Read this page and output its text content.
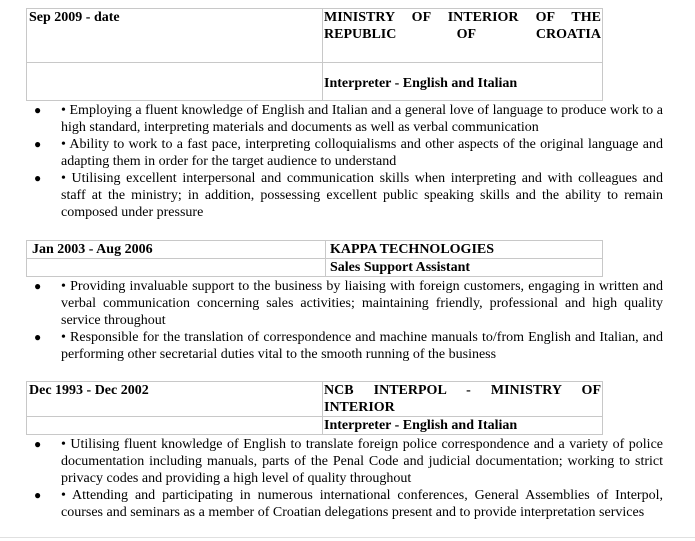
Sep 2009 - date	MINISTRY OF INTERIOR OF THE REPUBLIC OF CROATIA
	Interpreter - English and Italian
● • Employing a fluent knowledge of English and Italian and a general love of language to produce work to a high standard, interpreting materials and documents as well as verbal communication
● • Ability to work to a fast pace, interpreting colloquialisms and other aspects of the original language and adapting them in order for the target audience to understand
● • Utilising excellent interpersonal and communication skills when interpreting and with colleagues and staff at the ministry; in addition, possessing excellent public speaking skills and the ability to remain composed under pressure
Jan 2003 - Aug 2006	KAPPA TECHNOLOGIES
	Sales Support Assistant
● • Providing invaluable support to the business by liaising with foreign customers, engaging in written and verbal communication concerning sales activities; maintaining friendly, professional and high quality service throughout
● • Responsible for the translation of correspondence and machine manuals to/from English and Italian, and performing other secretarial duties vital to the smooth running of the business
Dec 1993 - Dec 2002	NCB INTERPOL - MINISTRY OF INTERIOR
	Interpreter - English and Italian
● • Utilising fluent knowledge of English to translate foreign police correspondence and a variety of police documentation including manuals, parts of the Penal Code and judicial documentation; working to strict privacy codes and providing a high level of quality throughout
● • Attending and participating in numerous international conferences, General Assemblies of Interpol, courses and seminars as a member of Croatian delegations present and to provide interpretation services
